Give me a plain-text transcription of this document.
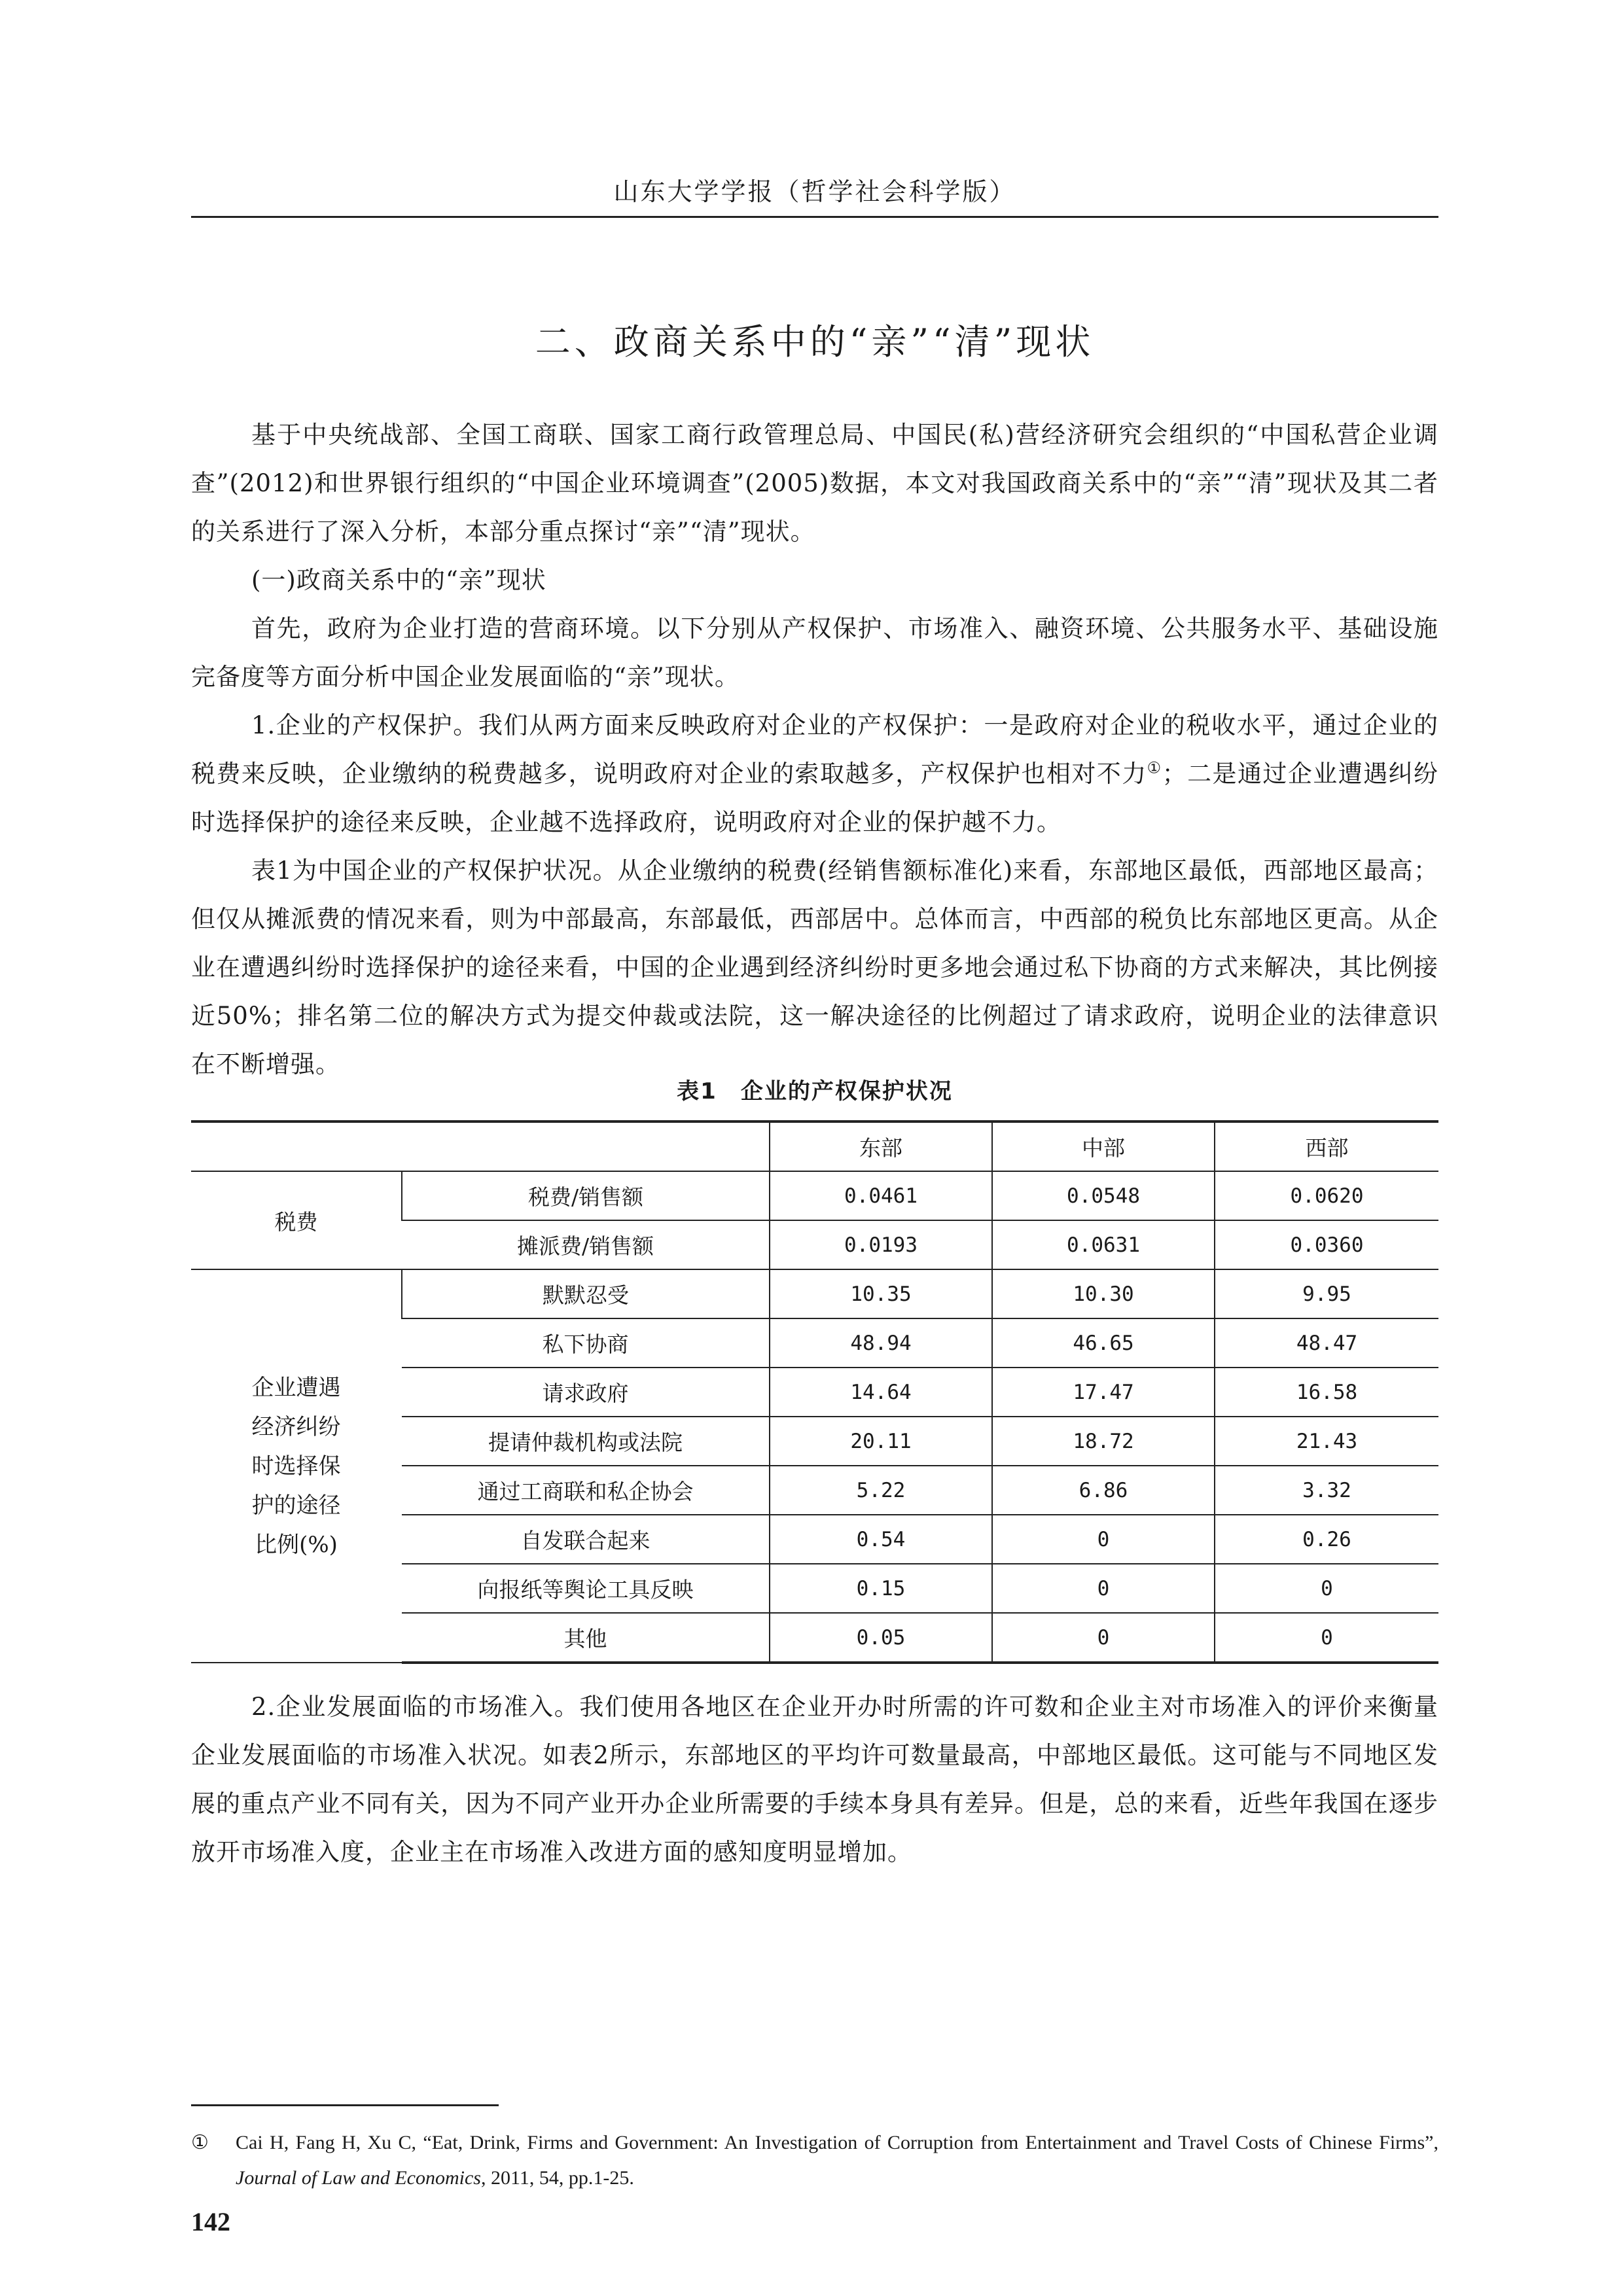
山东大学学报（哲学社会科学版）
二、政商关系中的“亲”“清”现状

基于中央统战部、全国工商联、国家工商行政管理总局、中国民(私)营经济研究会组织的“中国私营企业调查”(2012)和世界银行组织的“中国企业环境调查”(2005)数据，本文对我国政商关系中的“亲”“清”现状及其二者的关系进行了深入分析，本部分重点探讨“亲”“清”现状。

(一)政商关系中的“亲”现状

首先，政府为企业打造的营商环境。以下分别从产权保护、市场准入、融资环境、公共服务水平、基础设施完备度等方面分析中国企业发展面临的“亲”现状。

1.企业的产权保护。我们从两方面来反映政府对企业的产权保护：一是政府对企业的税收水平，通过企业的税费来反映，企业缴纳的税费越多，说明政府对企业的索取越多，产权保护也相对不力①；二是通过企业遭遇纠纷时选择保护的途径来反映，企业越不选择政府，说明政府对企业的保护越不力。

表1为中国企业的产权保护状况。从企业缴纳的税费(经销售额标准化)来看，东部地区最低，西部地区最高；但仅从摊派费的情况来看，则为中部最高，东部最低，西部居中。总体而言，中西部的税负比东部地区更高。从企业在遭遇纠纷时选择保护的途径来看，中国的企业遇到经济纠纷时更多地会通过私下协商的方式来解决，其比例接近50%；排名第二位的解决方式为提交仲裁或法院，这一解决途径的比例超过了请求政府，说明企业的法律意识在不断增强。

表1　企业的产权保护状况
		东部	中部	西部
税费	税费/销售额	0.0461	0.0548	0.0620
	摊派费/销售额	0.0193	0.0631	0.0360

企业遭遇
经济纠纷
时选择保
护的途径
比例(%)	默默忍受	10.35	10.30	9.95
	私下协商	48.94	46.65	48.47
	请求政府	14.64	17.47	16.58
	提请仲裁机构或法院	20.11	18.72	21.43
	通过工商联和私企协会	5.22	6.86	3.32
	自发联合起来	0.54	0	0.26
	向报纸等舆论工具反映	0.15	0	0
	其他	0.05	0	0

2.企业发展面临的市场准入。我们使用各地区在企业开办时所需的许可数和企业主对市场准入的评价来衡量企业发展面临的市场准入状况。如表2所示，东部地区的平均许可数量最高，中部地区最低。这可能与不同地区发展的重点产业不同有关，因为不同产业开办企业所需要的手续本身具有差异。但是，总的来看，近些年我国在逐步放开市场准入度，企业主在市场准入改进方面的感知度明显增加。

① Cai H, Fang H, Xu C, “Eat, Drink, Firms and Government: An Investigation of Corruption from Entertainment and Travel Costs of Chinese Firms”, Journal of Law and Economics, 2011, 54, pp.1-25.
142
